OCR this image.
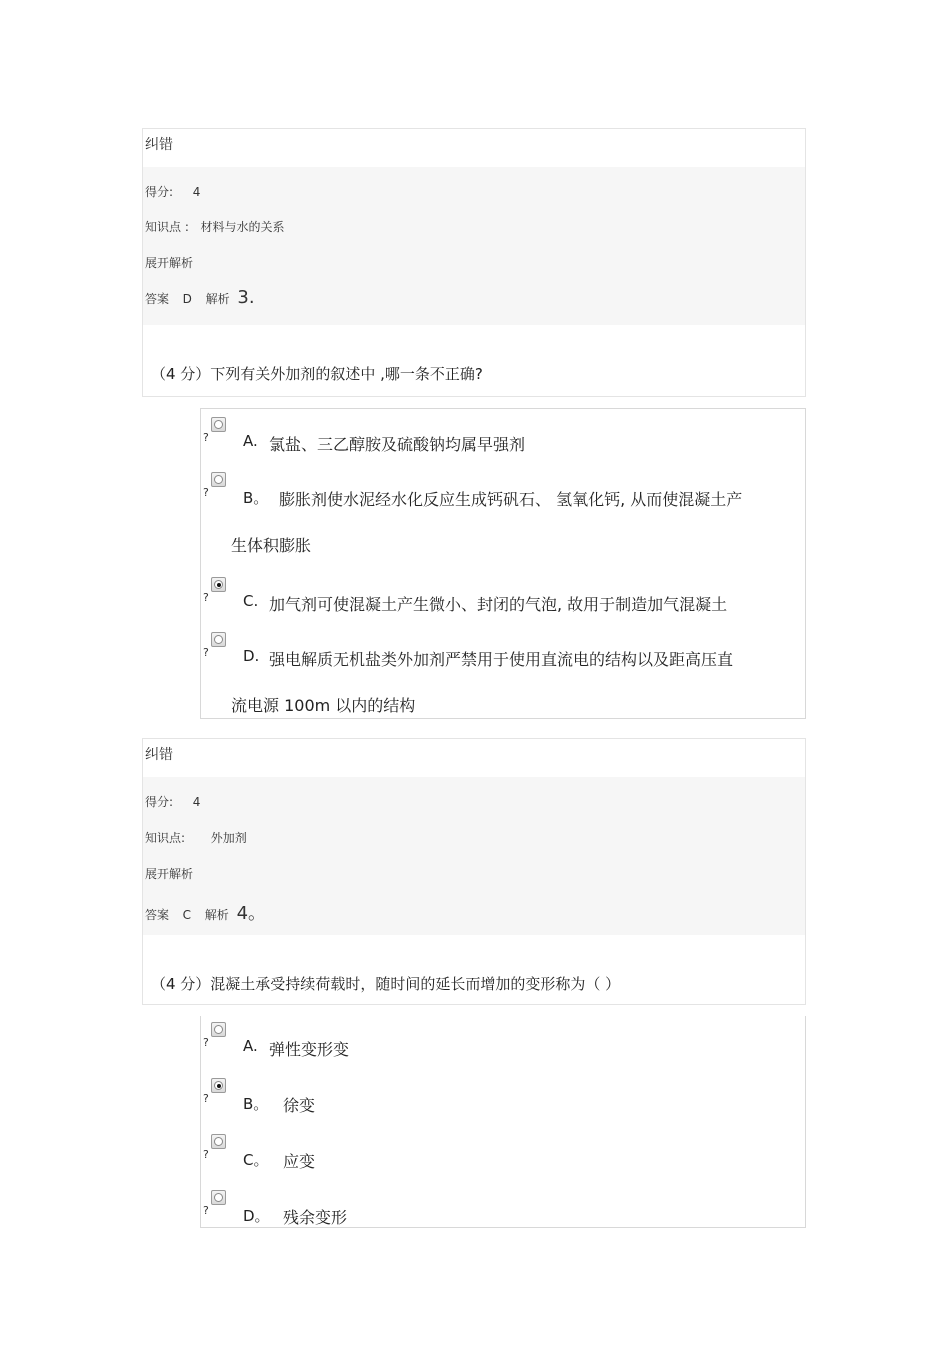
纠错
得分: 4
知识点 : 材料与水的关系
展开解析
答案 D 解析 3.
（4 分）下列有关外加剂的叙述中 ,哪一条不正确?
? A. 氯盐、三乙醇胺及硫酸钠均属早强剂
? B。 膨胀剂使水泥经水化反应生成钙矾石、 氢氧化钙, 从而使混凝土产
生体积膨胀
? C. 加气剂可使混凝土产生微小、封闭的气泡, 故用于制造加气混凝土
? D. 强电解质无机盐类外加剂严禁用于使用直流电的结构以及距高压直
流电源 100m 以内的结构
纠错
得分: 4
知识点: 外加剂
展开解析
答案 C 解析 4。
（4 分）混凝土承受持续荷载时，随时间的延长而增加的变形称为（ ）
? A. 弹性变形变
? B。 徐变
? C。 应变
? D。 残余变形
